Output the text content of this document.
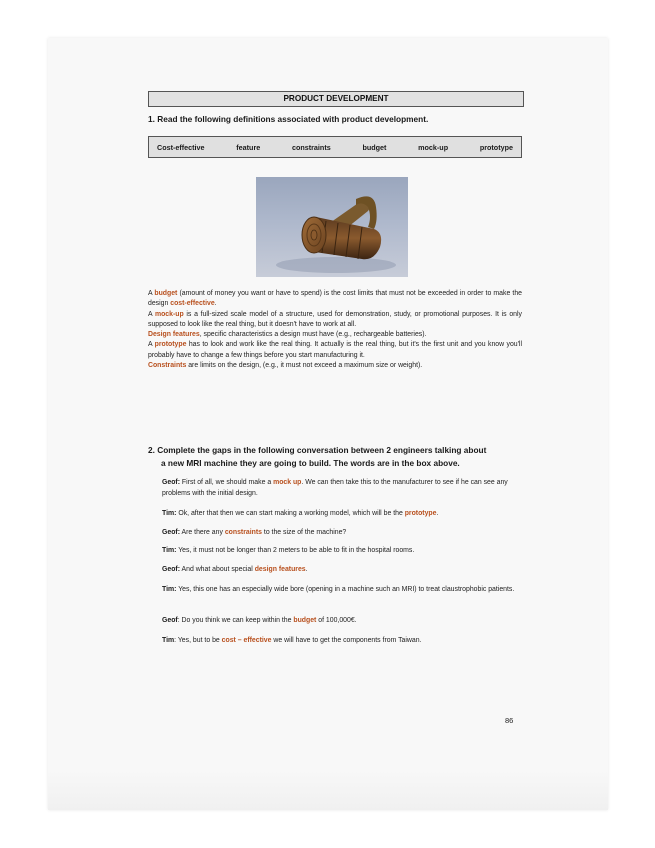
PRODUCT DEVELOPMENT
1. Read the following definitions associated with product development.
Cost-effective	feature	constraints	budget	mock-up	prototype

A budget (amount of money you want or have to spend) is the cost limits that must not be exceeded in order to make the design cost-effective.

A mock-up is a full-sized scale model of a structure, used for demonstration, study, or promotional purposes. It is only supposed to look like the real thing, but it doesn't have to work at all.

Design features, specific characteristics a design must have (e.g., rechargeable batteries).

A prototype has to look and work like the real thing. It actually is the real thing, but it's the first unit and you know you'll probably have to change a few things before you start manufacturing it.

Constraints are limits on the design, (e.g., it must not exceed a maximum size or weight).

2. Complete the gaps in the following conversation between 2 engineers talking about
a new MRI machine they are going to build. The words are in the box above.
Geof: First of all, we should make a mock up. We can then take this to the manufacturer to see if he can see any problems with the initial design.
Tim: Ok, after that then we can start making a working model, which will be the prototype.
Geof: Are there any constraints to the size of the machine?
Tim: Yes, it must not be longer than 2 meters to be able to fit in the hospital rooms.
Geof: And what about special design features.
Tim: Yes, this one has an especially wide bore (opening in a machine such an MRI) to treat claustrophobic patients.
Geof: Do you think we can keep within the budget of 100,000€.
Tim: Yes, but to be cost – effective we will have to get the components from Taiwan.
86
